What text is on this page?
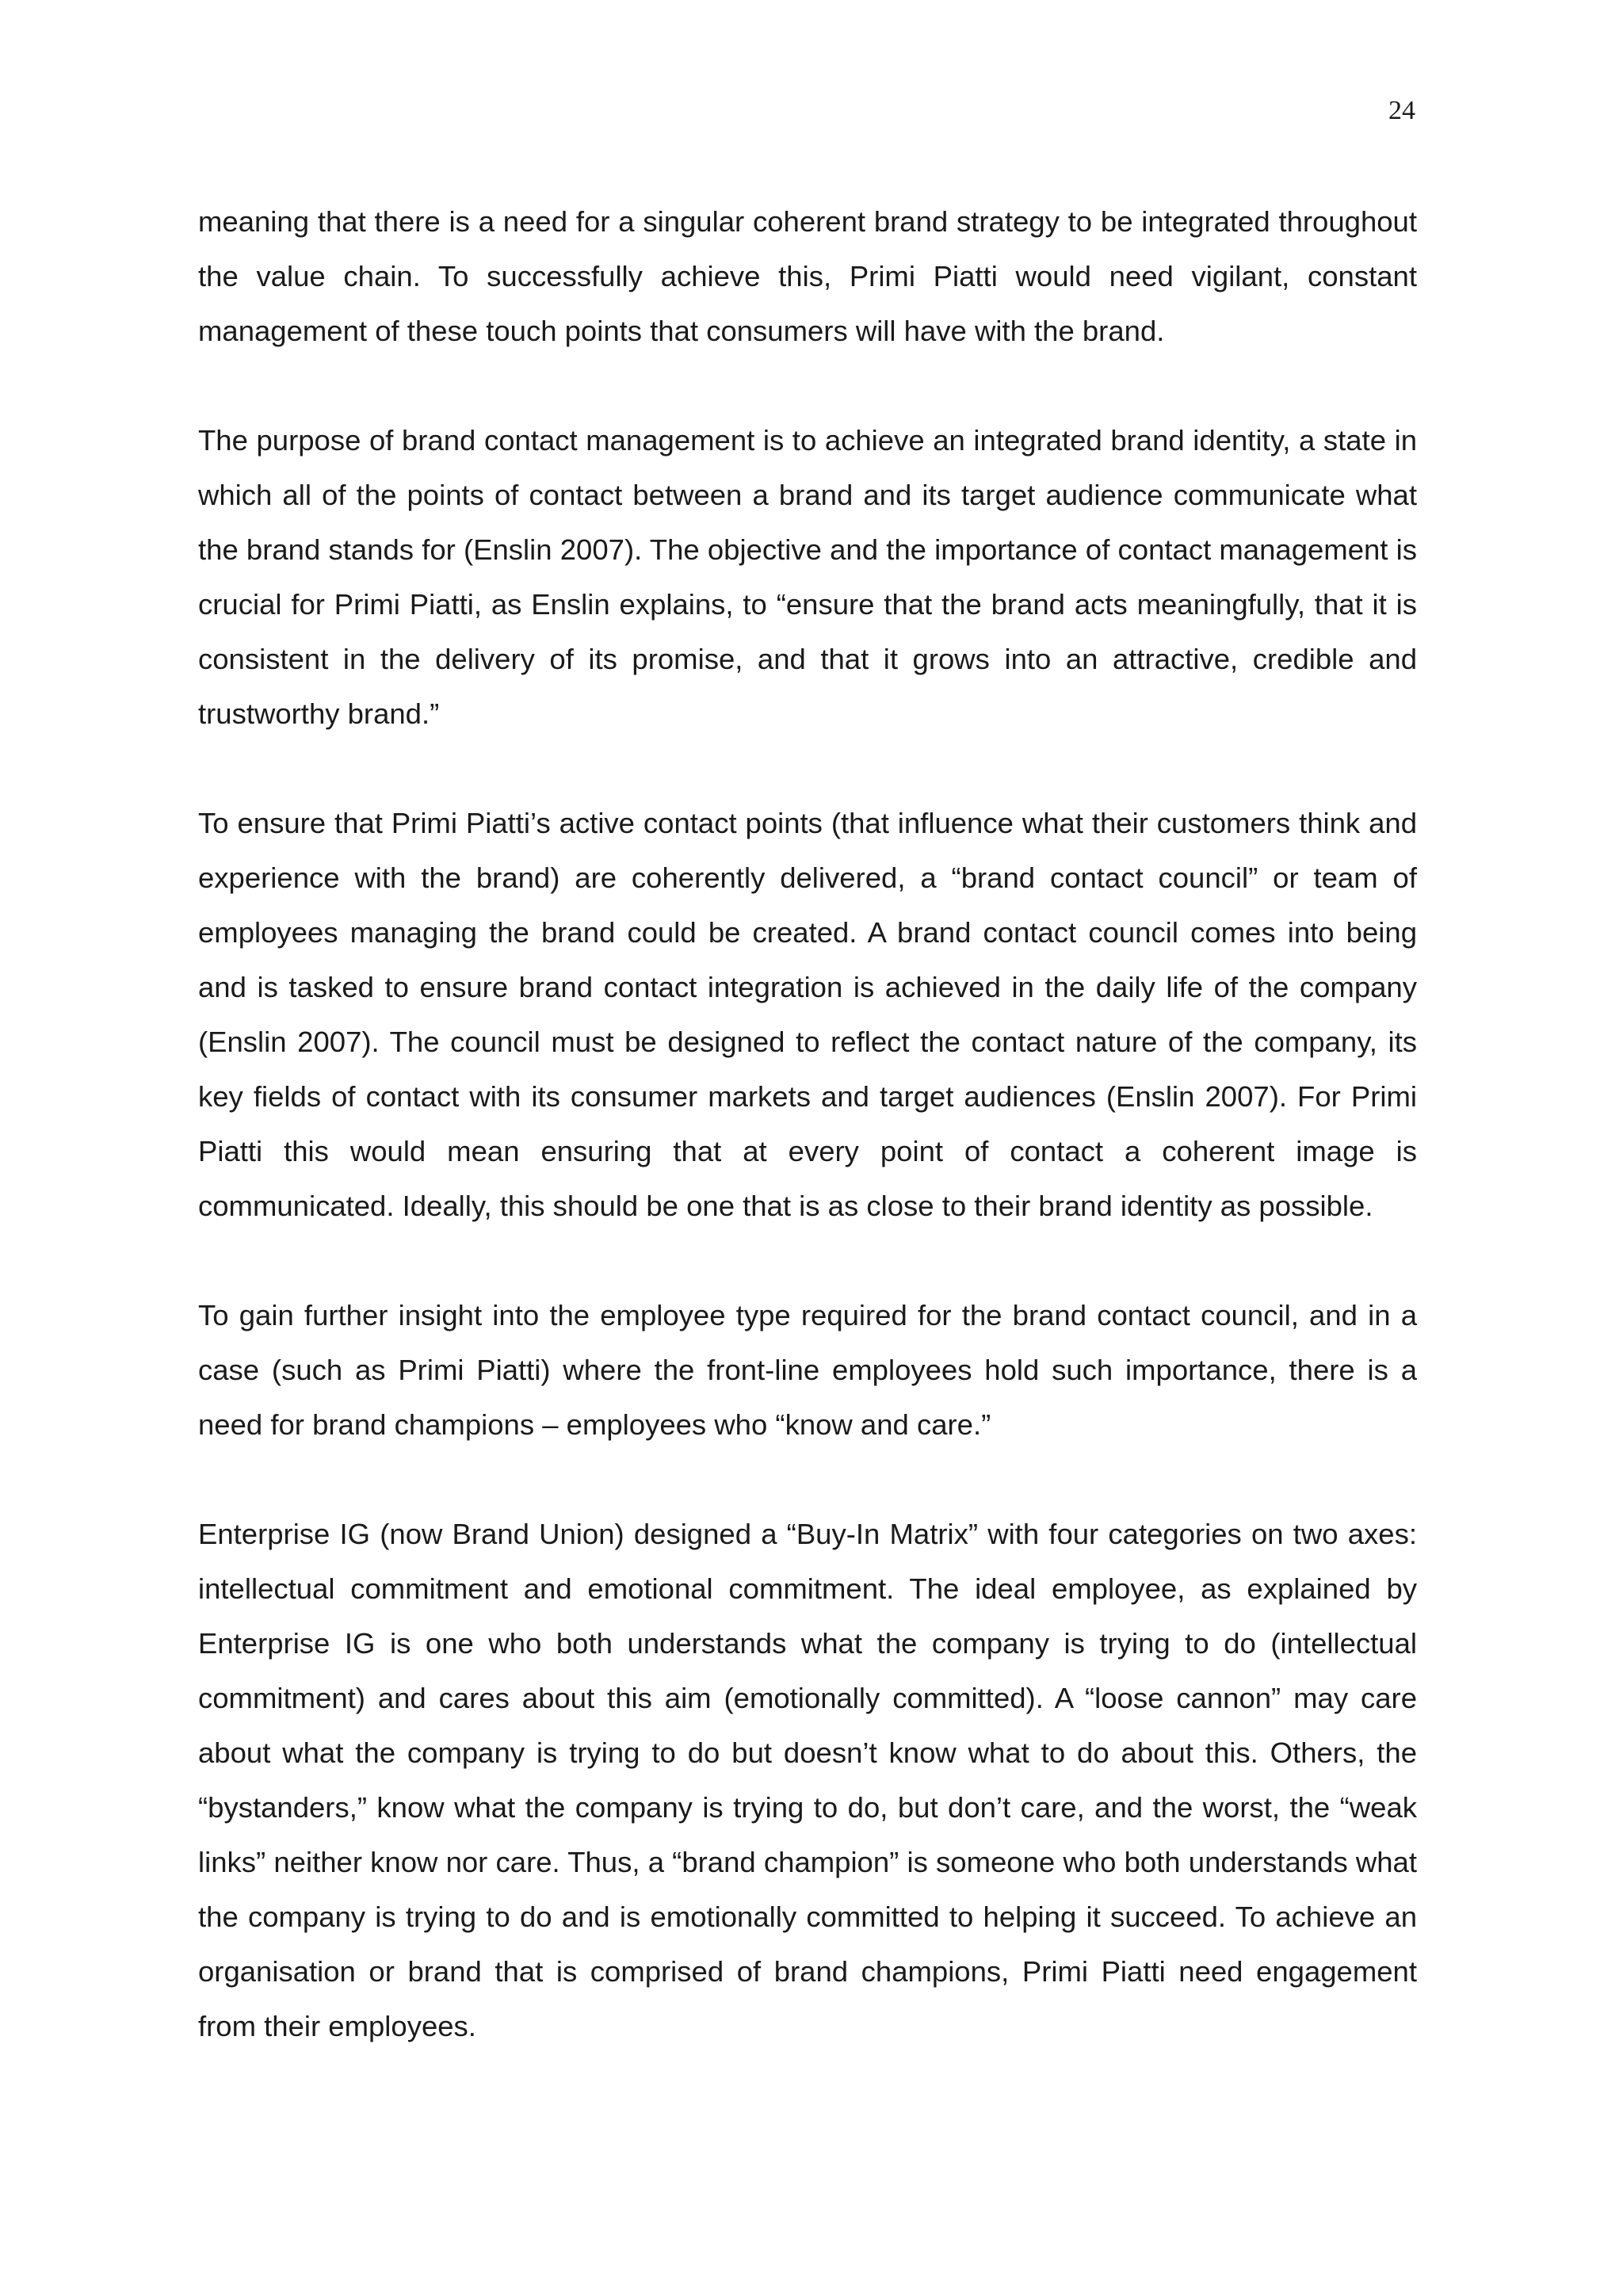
24

meaning that there is a need for a singular coherent brand strategy to be integrated throughout the value chain. To successfully achieve this, Primi Piatti would need vigilant, constant management of these touch points that consumers will have with the brand.

The purpose of brand contact management is to achieve an integrated brand identity, a state in which all of the points of contact between a brand and its target audience communicate what the brand stands for (Enslin 2007). The objective and the importance of contact management is crucial for Primi Piatti, as Enslin explains, to “ensure that the brand acts meaningfully, that it is consistent in the delivery of its promise, and that it grows into an attractive, credible and trustworthy brand.”

To ensure that Primi Piatti’s active contact points (that influence what their customers think and experience with the brand) are coherently delivered, a “brand contact council” or team of employees managing the brand could be created. A brand contact council comes into being and is tasked to ensure brand contact integration is achieved in the daily life of the company (Enslin 2007). The council must be designed to reflect the contact nature of the company, its key fields of contact with its consumer markets and target audiences (Enslin 2007). For Primi Piatti this would mean ensuring that at every point of contact a coherent image is communicated. Ideally, this should be one that is as close to their brand identity as possible.

To gain further insight into the employee type required for the brand contact council, and in a case (such as Primi Piatti) where the front-line employees hold such importance, there is a need for brand champions – employees who “know and care.”

Enterprise IG (now Brand Union) designed a “Buy-In Matrix” with four categories on two axes: intellectual commitment and emotional commitment. The ideal employee, as explained by Enterprise IG is one who both understands what the company is trying to do (intellectual commitment) and cares about this aim (emotionally committed). A “loose cannon” may care about what the company is trying to do but doesn’t know what to do about this. Others, the “bystanders,” know what the company is trying to do, but don’t care, and the worst, the “weak links” neither know nor care. Thus, a “brand champion” is someone who both understands what the company is trying to do and is emotionally committed to helping it succeed. To achieve an organisation or brand that is comprised of brand champions, Primi Piatti need engagement from their employees.
